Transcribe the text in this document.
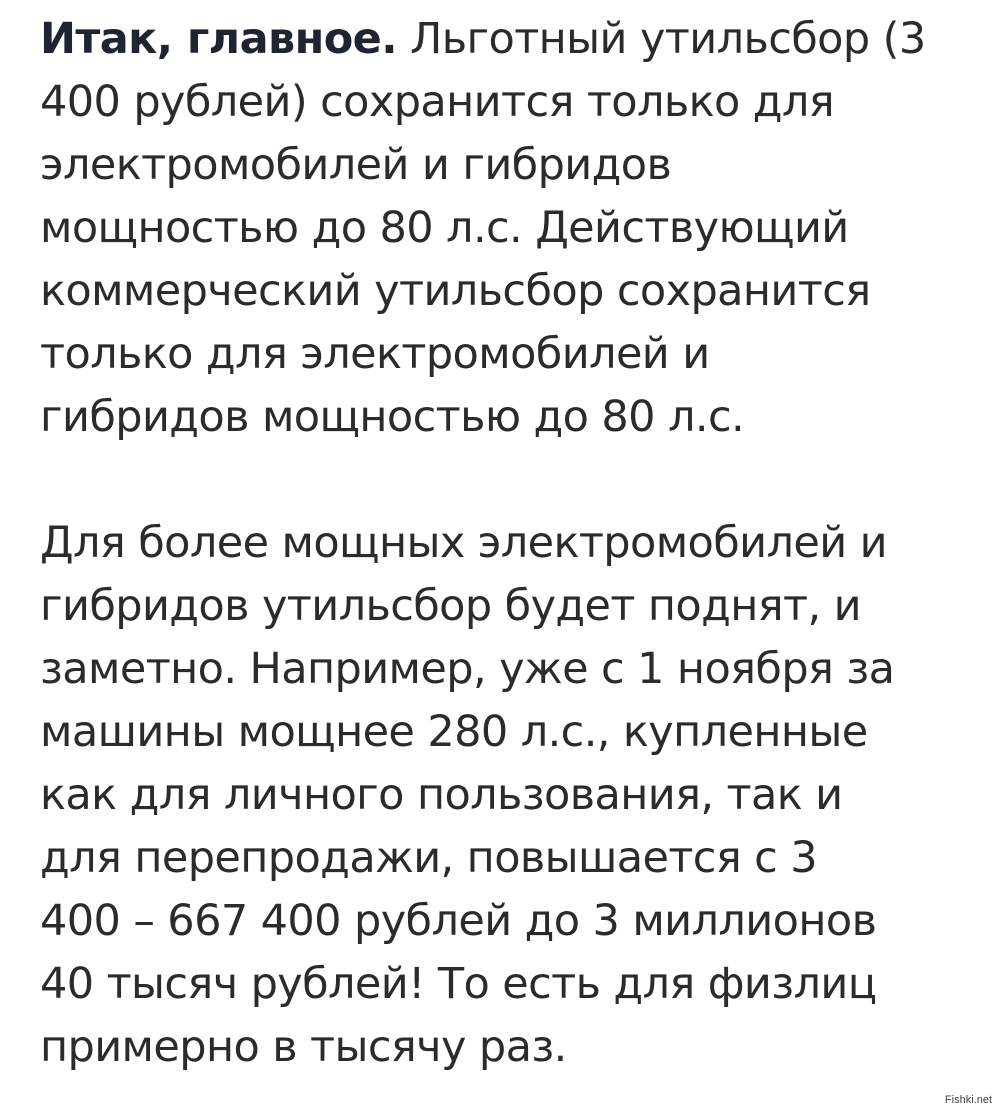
Итак, главное. Льготный утильсбор (3
400 рублей) сохранится только для
электромобилей и гибридов
мощностью до 80 л.с. Действующий
коммерческий утильсбор сохранится
только для электромобилей и
гибридов мощностью до 80 л.с.

Для более мощных электромобилей и
гибридов утильсбор будет поднят, и
заметно. Например, уже с 1 ноября за
машины мощнее 280 л.с., купленные
как для личного пользования, так и
для перепродажи, повышается с 3
400 – 667 400 рублей до 3 миллионов
40 тысяч рублей! То есть для физлиц
примерно в тысячу раз.

Fishki.net
